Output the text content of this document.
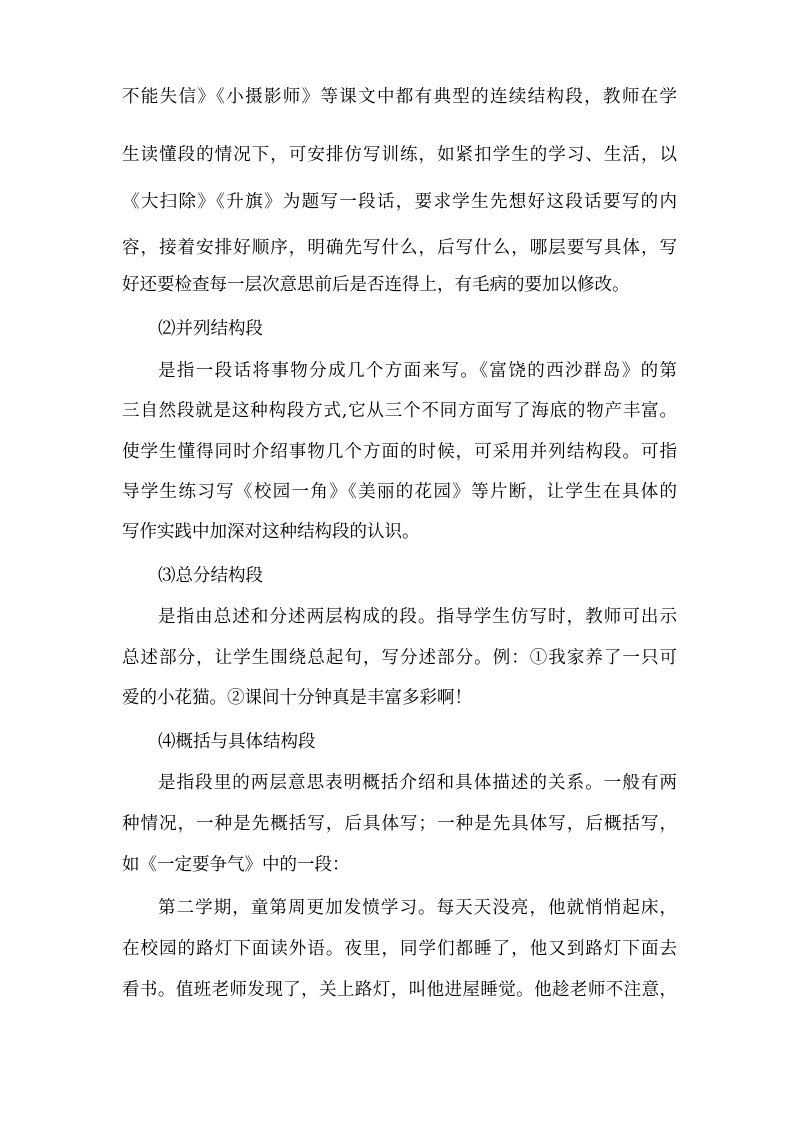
不能失信》《小摄影师》等课文中都有典型的连续结构段，教师在学
生读懂段的情况下，可安排仿写训练，如紧扣学生的学习、生活，以
《大扫除》《升旗》为题写一段话，要求学生先想好这段话要写的内
容，接着安排好顺序，明确先写什么，后写什么，哪层要写具体，写
好还要检查每一层次意思前后是否连得上，有毛病的要加以修改。
⑵并列结构段
是指一段话将事物分成几个方面来写。《富饶的西沙群岛》的第
三自然段就是这种构段方式,它从三个不同方面写了海底的物产丰富。
使学生懂得同时介绍事物几个方面的时候，可采用并列结构段。可指
导学生练习写《校园一角》《美丽的花园》等片断，让学生在具体的
写作实践中加深对这种结构段的认识。
⑶总分结构段
是指由总述和分述两层构成的段。指导学生仿写时，教师可出示
总述部分，让学生围绕总起句，写分述部分。例：①我家养了一只可
爱的小花猫。②课间十分钟真是丰富多彩啊！
⑷概括与具体结构段
是指段里的两层意思表明概括介绍和具体描述的关系。一般有两
种情况，一种是先概括写，后具体写；一种是先具体写，后概括写，
如《一定要争气》中的一段：
第二学期，童第周更加发愤学习。每天天没亮，他就悄悄起床，
在校园的路灯下面读外语。夜里，同学们都睡了，他又到路灯下面去
看书。值班老师发现了，关上路灯，叫他进屋睡觉。他趁老师不注意，
